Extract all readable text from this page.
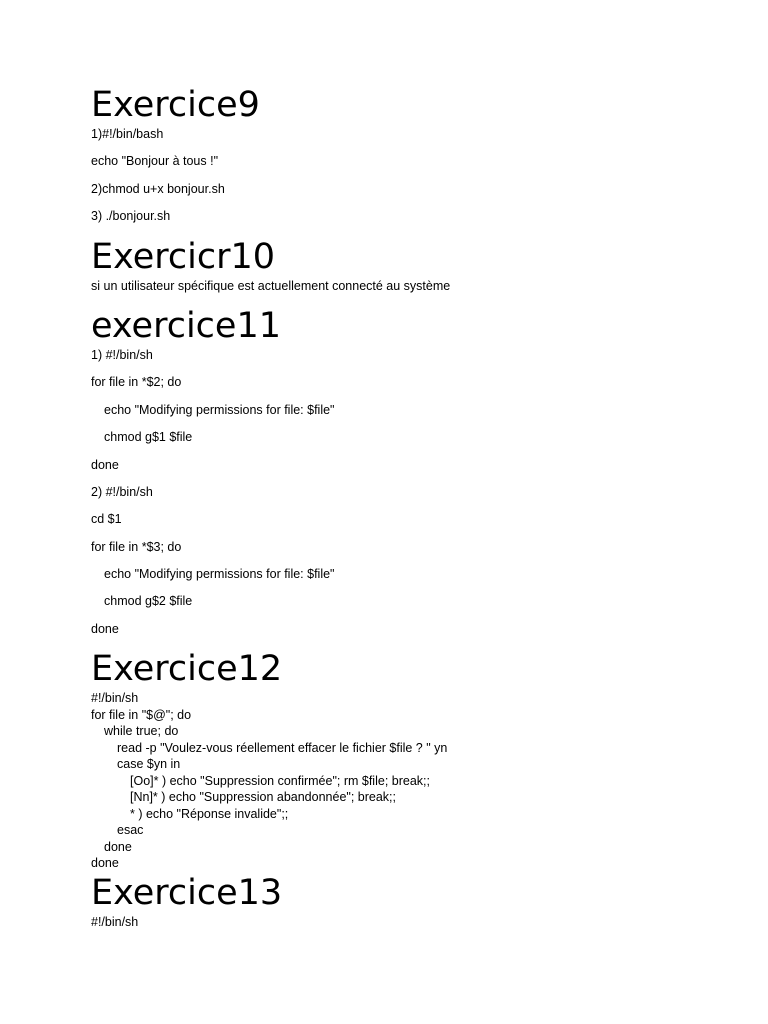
Exercice9

1)#!/bin/bash

echo "Bonjour à tous !"

2)chmod u+x bonjour.sh

3) ./bonjour.sh

Exercicr10

si un utilisateur spécifique est actuellement connecté au système

exercice11

1) #!/bin/sh

for file in *$2; do

echo "Modifying permissions for file: $file"

chmod g$1 $file

done

2) #!/bin/sh

cd $1

for file in *$3; do

echo "Modifying permissions for file: $file"

chmod g$2 $file

done

Exercice12

#!/bin/sh

for file in "$@"; do

while true; do

read -p "Voulez-vous réellement effacer le fichier $file ? " yn

case $yn in

[Oo]* ) echo "Suppression confirmée"; rm $file; break;;

[Nn]* ) echo "Suppression abandonnée"; break;;

* ) echo "Réponse invalide";;

esac

done

done

Exercice13

#!/bin/sh
